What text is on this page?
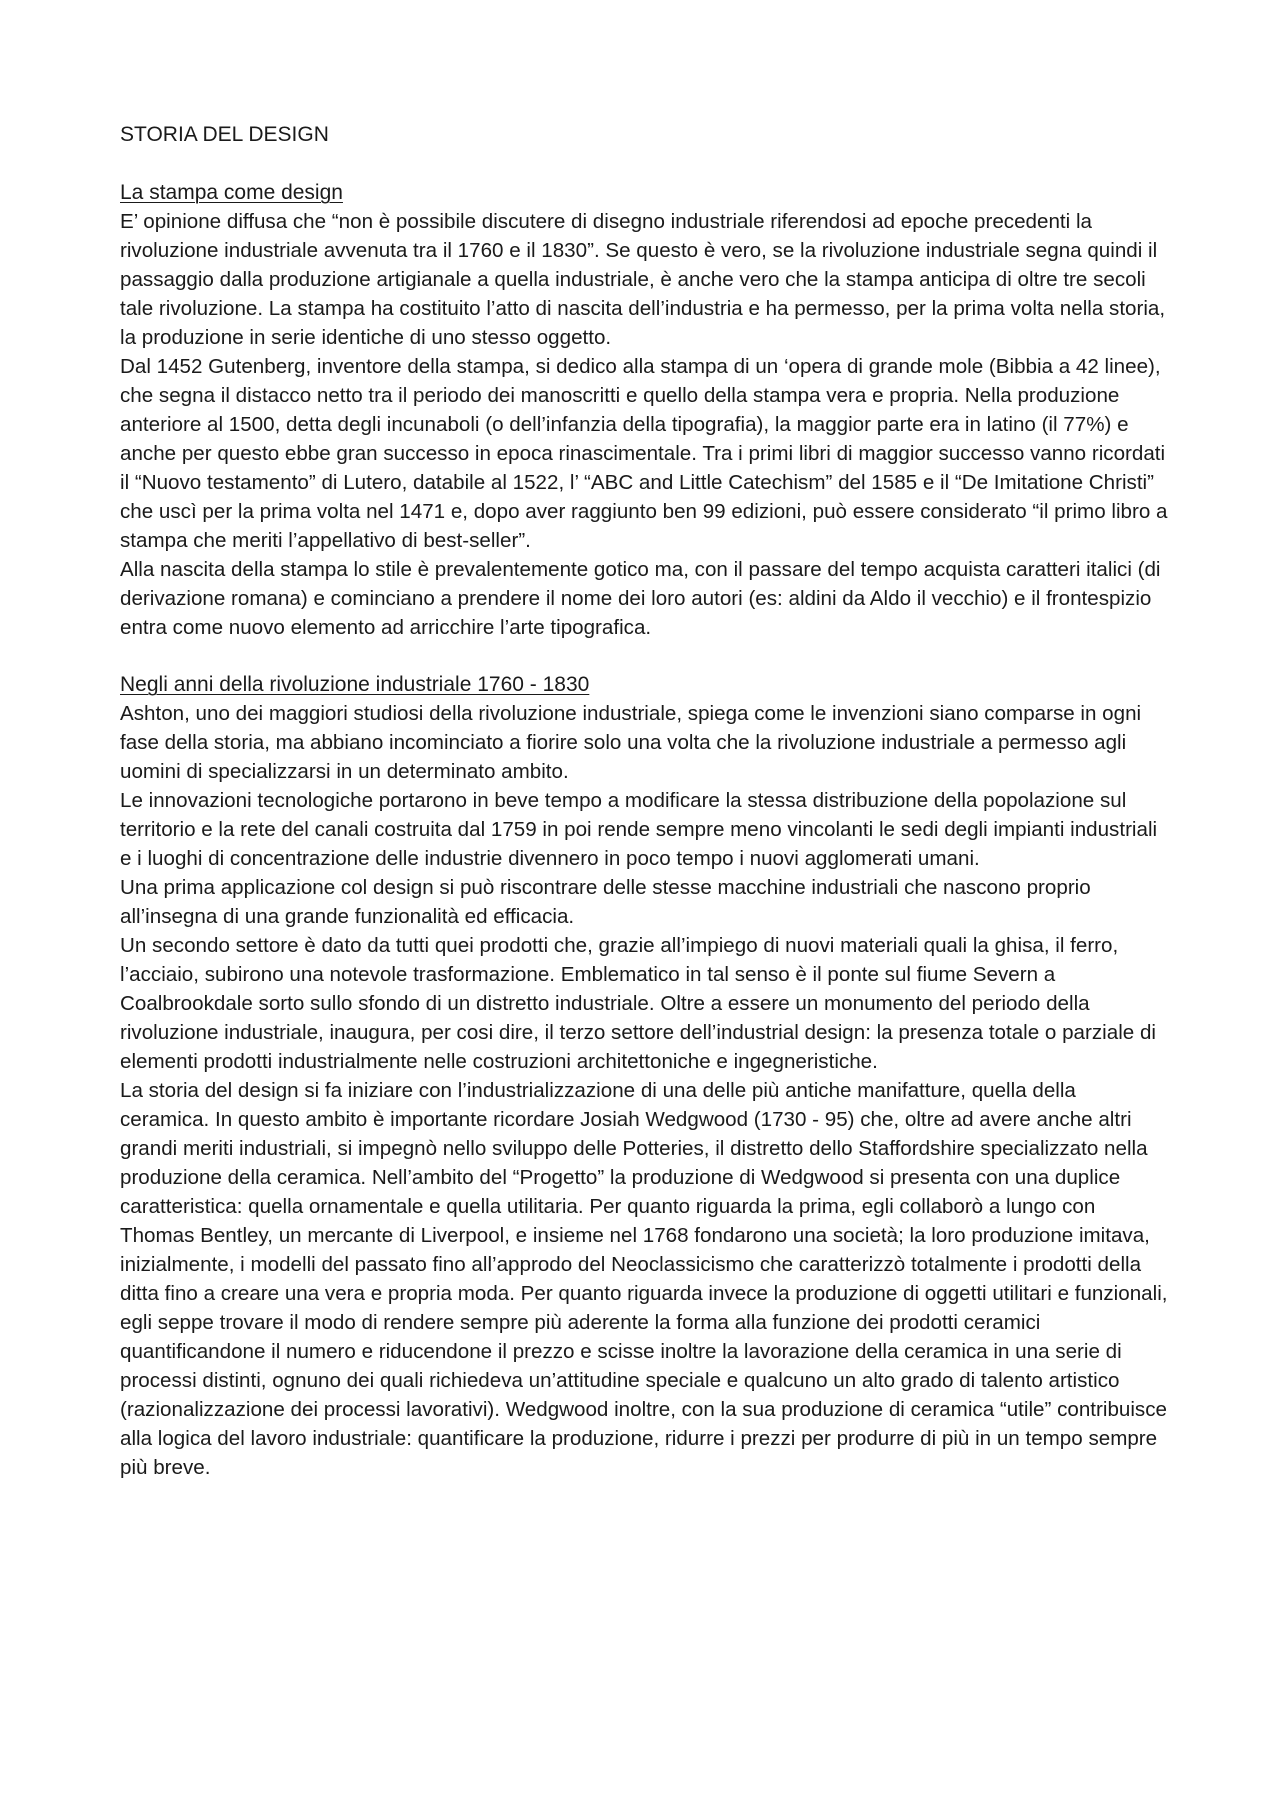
STORIA DEL DESIGN
La stampa come design

E’ opinione diffusa che “non è possibile discutere di disegno industriale riferendosi ad epoche precedenti la rivoluzione industriale avvenuta tra il 1760 e il 1830”. Se questo è vero, se la rivoluzione industriale segna quindi il passaggio dalla produzione artigianale a quella industriale, è anche vero che la stampa anticipa di oltre tre secoli tale rivoluzione. La stampa ha costituito l’atto di nascita dell’industria e ha permesso, per la prima volta nella storia, la produzione in serie identiche di uno stesso oggetto.

Dal 1452 Gutenberg, inventore della stampa, si dedico alla stampa di un ‘opera di grande mole (Bibbia a 42 linee), che segna il distacco netto tra il periodo dei manoscritti e quello della stampa vera e propria. Nella produzione anteriore al 1500, detta degli incunaboli (o dell’infanzia della tipografia), la maggior parte era in latino (il 77%) e anche per questo ebbe gran successo in epoca rinascimentale. Tra i primi libri di maggior successo vanno ricordati il “Nuovo testamento” di Lutero, databile al 1522, l’ “ABC and Little Catechism” del 1585 e il “De Imitatione Christi” che uscì per la prima volta nel 1471 e, dopo aver raggiunto ben 99 edizioni, può essere considerato “il primo libro a stampa che meriti l’appellativo di best-seller”.

Alla nascita della stampa lo stile è prevalentemente gotico ma, con il passare del tempo acquista caratteri italici (di derivazione romana) e cominciano a prendere il nome dei loro autori (es: aldini da Aldo il vecchio) e il frontespizio entra come nuovo elemento ad arricchire l’arte tipografica.

Negli anni della rivoluzione industriale 1760 - 1830

Ashton, uno dei maggiori studiosi della rivoluzione industriale, spiega come le invenzioni siano comparse in ogni fase della storia, ma abbiano incominciato a fiorire solo una volta che la rivoluzione industriale a permesso agli uomini di specializzarsi in un determinato ambito.

Le innovazioni tecnologiche portarono in beve tempo a modificare la stessa distribuzione della popolazione sul territorio e la rete del canali costruita dal 1759 in poi rende sempre meno vincolanti le sedi degli impianti industriali e i luoghi di concentrazione delle industrie divennero in poco tempo i nuovi agglomerati umani.

Una prima applicazione col design si può riscontrare delle stesse macchine industriali che nascono proprio all’insegna di una grande funzionalità ed efficacia.

Un secondo settore è dato da tutti quei prodotti che, grazie all’impiego di nuovi materiali quali la ghisa, il ferro, l’acciaio, subirono una notevole trasformazione. Emblematico in tal senso è il ponte sul fiume Severn a Coalbrookdale sorto sullo sfondo di un distretto industriale. Oltre a essere un monumento del periodo della rivoluzione industriale, inaugura, per cosi dire, il terzo settore dell’industrial design: la presenza totale o parziale di elementi prodotti industrialmente nelle costruzioni architettoniche e ingegneristiche.

La storia del design si fa iniziare con l’industrializzazione di una delle più antiche manifatture, quella della ceramica. In questo ambito è importante ricordare Josiah Wedgwood (1730 - 95) che, oltre ad avere anche altri grandi meriti industriali, si impegnò nello sviluppo delle Potteries, il distretto dello Staffordshire specializzato nella produzione della ceramica. Nell’ambito del “Progetto” la produzione di Wedgwood si presenta con una duplice caratteristica: quella ornamentale e quella utilitaria. Per quanto riguarda la prima, egli collaborò a lungo con Thomas Bentley, un mercante di Liverpool, e insieme nel 1768 fondarono una società; la loro produzione imitava, inizialmente, i modelli del passato fino all’approdo del Neoclassicismo che caratterizzò totalmente i prodotti della ditta fino a creare una vera e propria moda. Per quanto riguarda invece la produzione di oggetti utilitari e funzionali, egli seppe trovare il modo di rendere sempre più aderente la forma alla funzione dei prodotti ceramici quantificandone il numero e riducendone il prezzo e scisse inoltre la lavorazione della ceramica in una serie di processi distinti, ognuno dei quali richiedeva un’attitudine speciale e qualcuno un alto grado di talento artistico (razionalizzazione dei processi lavorativi). Wedgwood inoltre, con la sua produzione di ceramica “utile” contribuisce alla logica del lavoro industriale: quantificare la produzione, ridurre i prezzi per produrre di più in un tempo sempre più breve.
